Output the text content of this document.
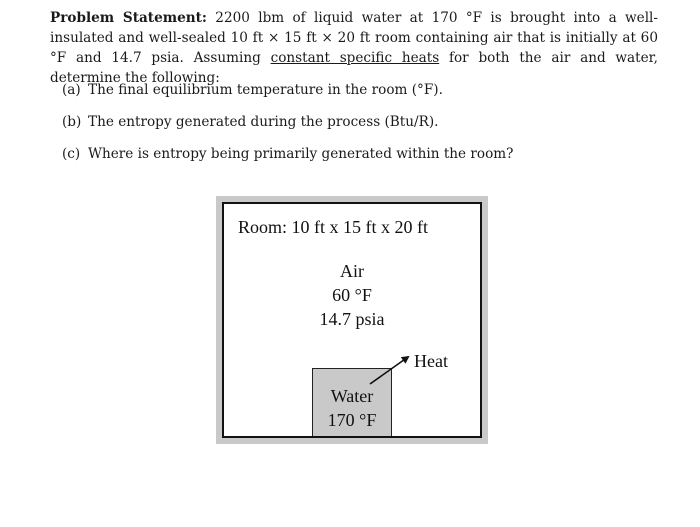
Problem Statement: 2200 lbm of liquid water at 170 °F is brought into a well-insulated and well-sealed 10 ft × 15 ft × 20 ft room containing air that is initially at 60 °F and 14.7 psia. Assuming constant specific heats for both the air and water, determine the following:
(a) The final equilibrium temperature in the room (°F).
(b) The entropy generated during the process (Btu/R).
(c) Where is entropy being primarily generated within the room?
Room: 10 ft x 15 ft x 20 ft
Air
60 °F
14.7 psia
Heat
Water
170 °F
